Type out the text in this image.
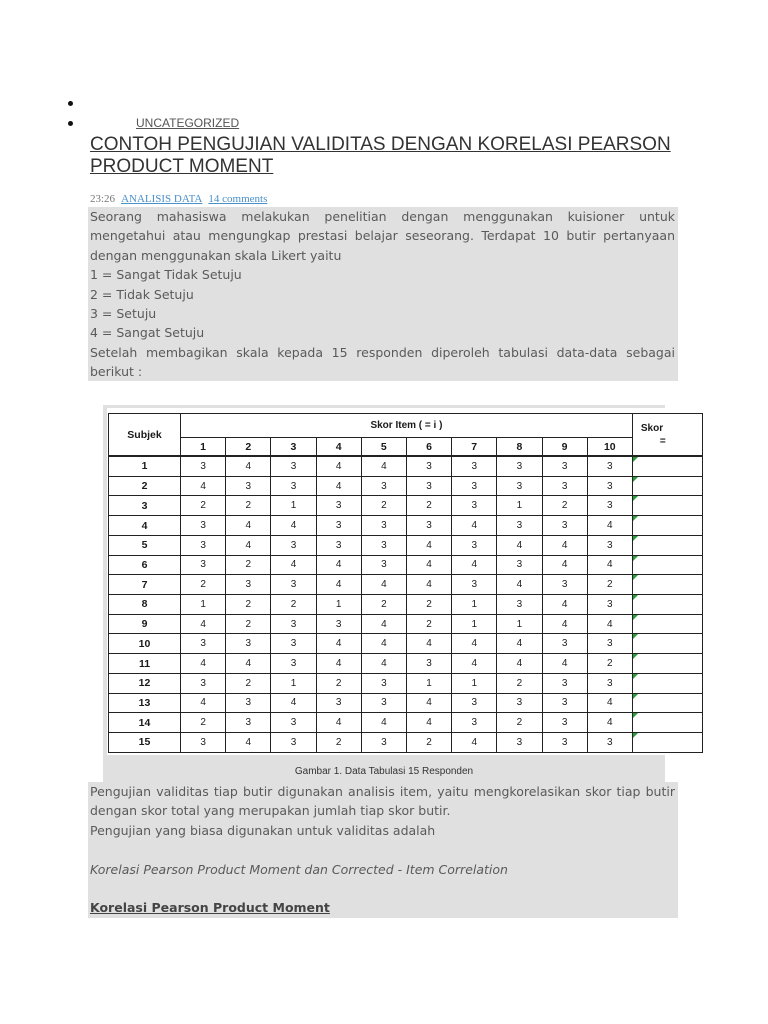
UNCATEGORIZED
CONTOH PENGUJIAN VALIDITAS DENGAN KORELASI PEARSON PRODUCT MOMENT
23:26 ANALISIS DATA 14 comments

Seorang mahasiswa melakukan penelitian dengan menggunakan kuisioner untuk mengetahui atau mengungkap prestasi belajar seseorang. Terdapat 10 butir pertanyaan dengan menggunakan skala Likert yaitu

1 = Sangat Tidak Setuju
2 = Tidak Setuju
3 = Setuju
4 = Sangat Setuju

Setelah membagikan skala kepada 15 responden diperoleh tabulasi data-data sebagai berikut :

Subjek
Skor Item ( = i )	Skor
=
1	2	3	4	5	6	7	8	9	10
1	3	4	3	4	4	3	3	3	3	3
2	4	3	3	4	3	3	3	3	3	3
3	2	2	1	3	2	2	3	1	2	3
4	3	4	4	3	3	3	4	3	3	4
5	3	4	3	3	3	4	3	4	4	3
6	3	2	4	4	3	4	4	3	4	4
7	2	3	3	4	4	4	3	4	3	2
8	1	2	2	1	2	2	1	3	4	3
9	4	2	3	3	4	2	1	1	4	4
10	3	3	3	4	4	4	4	4	3	3
11	4	4	3	4	4	3	4	4	4	2
12	3	2	1	2	3	1	1	2	3	3
13	4	3	4	3	3	4	3	3	3	4
14	2	3	3	4	4	4	3	2	3	4
15	3	4	3	2	3	2	4	3	3	3
Gambar 1. Data Tabulasi 15 Responden

Pengujian validitas tiap butir digunakan analisis item, yaitu mengkorelasikan skor tiap butir dengan skor total yang merupakan jumlah tiap skor butir.

Pengujian yang biasa digunakan untuk validitas adalah
Korelasi Pearson Product Moment dan Corrected - Item Correlation
Korelasi Pearson Product Moment
